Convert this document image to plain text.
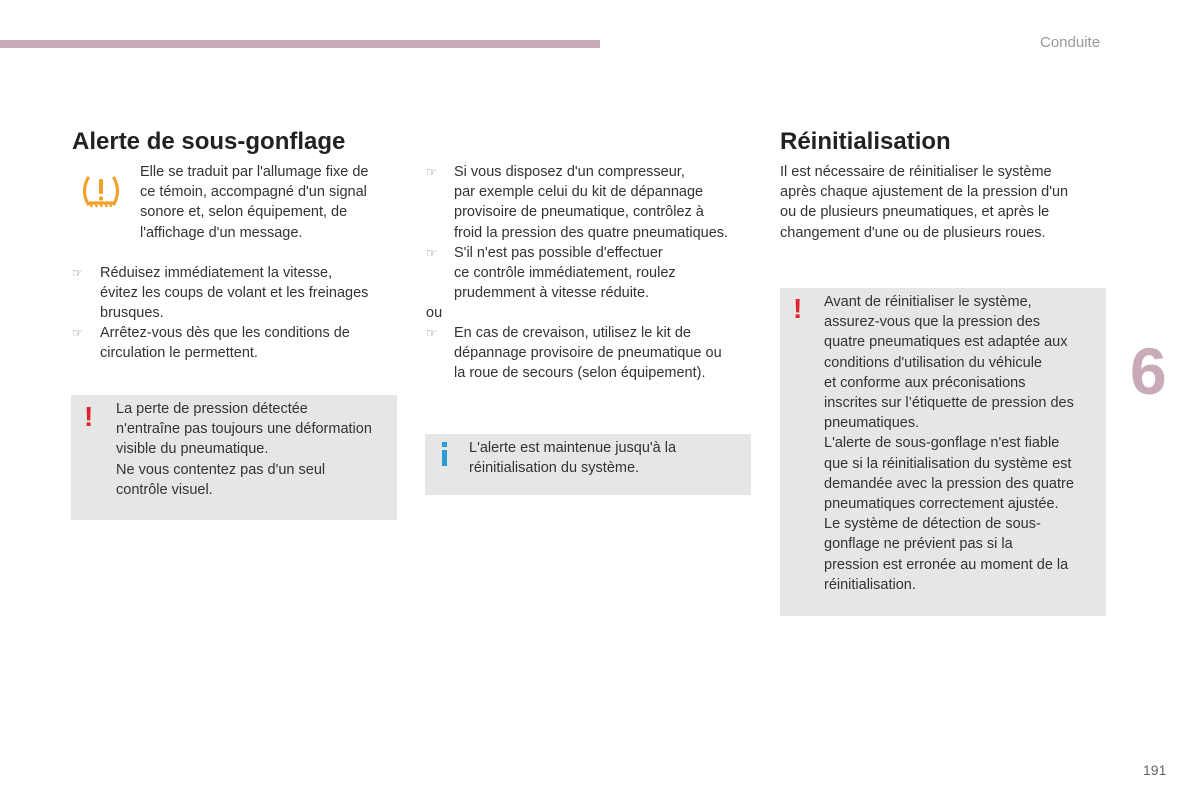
Conduite
6
Alerte de sous-gonflage
Elle se traduit par l'allumage fixe de
ce témoin, accompagné d'un signal
sonore et, selon équipement, de
l'affichage d'un message.
☞ Réduisez immédiatement la vitesse,
évitez les coups de volant et les freinages
brusques.
☞ Arrêtez-vous dès que les conditions de
circulation le permettent.
! La perte de pression détectée
n'entraîne pas toujours une déformation
visible du pneumatique.
Ne vous contentez pas d'un seul
contrôle visuel.
☞ Si vous disposez d'un compresseur,
par exemple celui du kit de dépannage
provisoire de pneumatique, contrôlez à
froid la pression des quatre pneumatiques.
☞ S'il n'est pas possible d'effectuer
ce contrôle immédiatement, roulez
prudemment à vitesse réduite.
ou
☞ En cas de crevaison, utilisez le kit de
dépannage provisoire de pneumatique ou
la roue de secours (selon équipement).
L'alerte est maintenue jusqu'à la
réinitialisation du système.
Réinitialisation
Il est nécessaire de réinitialiser le système
après chaque ajustement de la pression d'un
ou de plusieurs pneumatiques, et après le
changement d'une ou de plusieurs roues.
! Avant de réinitialiser le système,
assurez-vous que la pression des
quatre pneumatiques est adaptée aux
conditions d'utilisation du véhicule
et conforme aux préconisations
inscrites sur l’étiquette de pression des
pneumatiques.
L'alerte de sous-gonflage n'est fiable
que si la réinitialisation du système est
demandée avec la pression des quatre
pneumatiques correctement ajustée.
Le système de détection de sous-
gonflage ne prévient pas si la
pression est erronée au moment de la
réinitialisation.
191
